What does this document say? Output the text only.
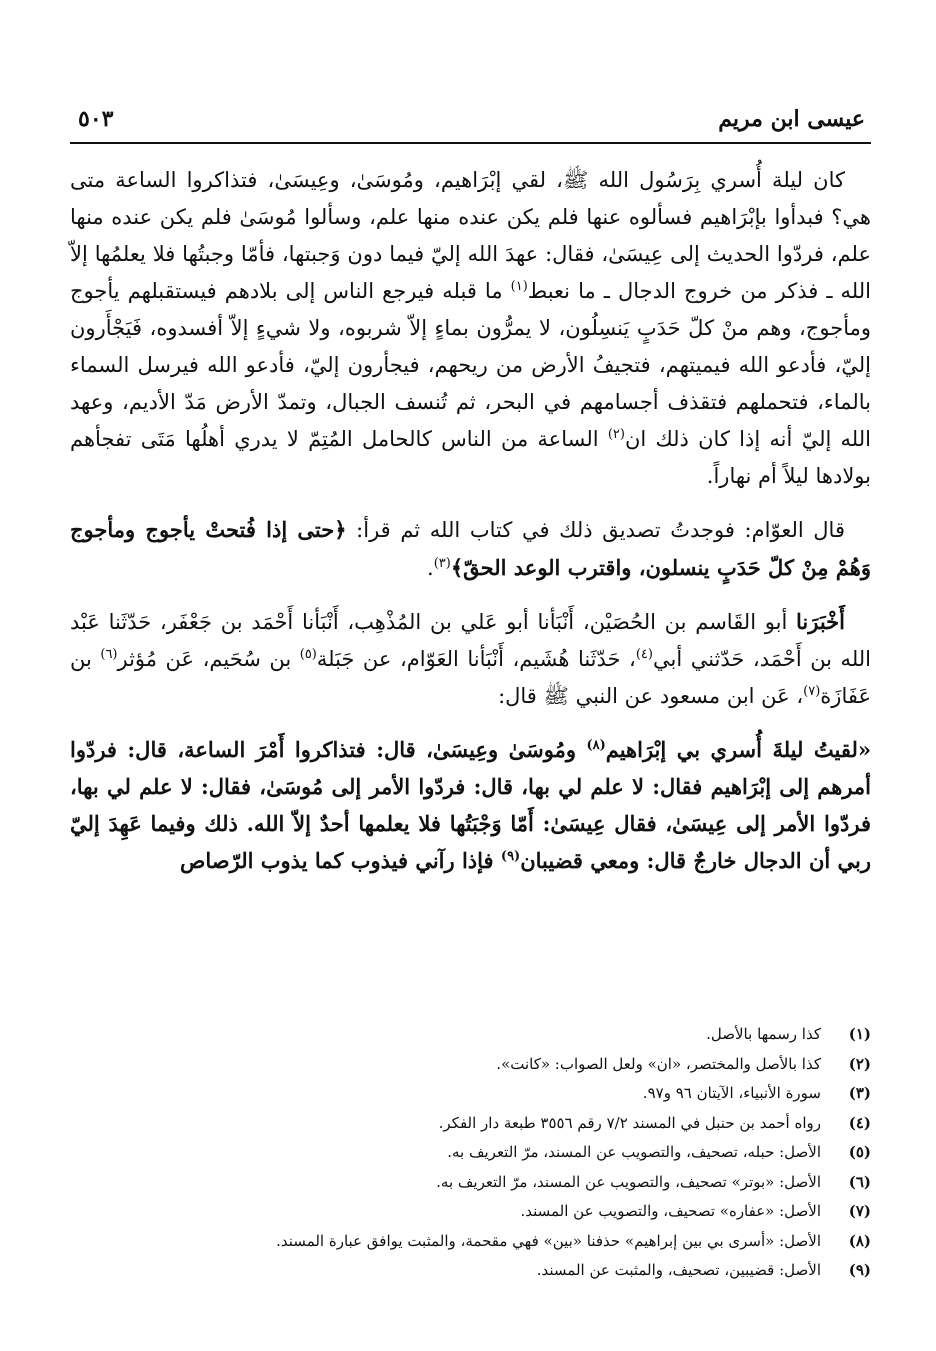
عيسى ابن مريم
٥٠٣

كان ليلة أُسري بِرَسُول الله ﷺ، لقي إبْرَاهيم، ومُوسَىٰ، وعِيسَىٰ، فتذاكروا الساعة متى هي؟ فبدأوا بإبْرَاهيم فسألوه عنها فلم يكن عنده منها علم، وسألوا مُوسَىٰ فلم يكن عنده منها علم، فردّوا الحديث إلى عِيسَىٰ، فقال: عهدَ الله إليّ فيما دون وَجبتها، فأمّا وجبتُها فلا يعلمُها إلاّ الله ـ فذكر من خروج الدجال ـ ما نعبط$^{(١)}$ ما قبله فيرجع الناس إلى بلادهم فيستقبلهم يأجوج ومأجوج، وهم منْ كلّ حَدَبٍ يَنسِلُون، لا يمرُّون بماءٍ إلاّ شربوه، ولا شيءٍ إلاّ أفسدوه، فَيَجْأَرون إليّ، فأدعو الله فيميتهم، فتجيفُ الأرض من ريحهم، فيجأرون إليّ، فأدعو الله فيرسل السماء بالماء، فتحملهم فتقذف أجسامهم في البحر، ثم تُنسف الجبال، وتمدّ الأرض مَدّ الأديم، وعهد الله إليّ أنه إذا كان ذلك ان$^{(٢)}$ الساعة من الناس كالحامل المُتِمّ لا يدري أهلُها مَتَى تفجأهم بولادها ليلاً أم نهاراً.

قال العوّام: فوجدتُ تصديق ذلك في كتاب الله ثم قرأ: ﴿حتى إذا فُتحتْ يأجوج ومأجوج وَهُمْ مِنْ كلّ حَدَبٍ ينسلون، واقترب الوعد الحقّ﴾$^{(٣)}$.

أَخْبَرَنا أبو القَاسم بن الحُصَيْن، أَنْبَأنا أبو عَلي بن المُذْهِب، أَنْبَأنا أَحْمَد بن جَعْفَر، حَدّثَنا عَبْد الله بن أَحْمَد، حَدّثني أبي$^{(٤)}$، حَدّثَنا هُشَيم، أَنْبَأنا العَوّام، عن جَبَلة$^{(٥)}$ بن سُحَيم، عَن مُؤثر$^{(٦)}$ بن عَفَازَة$^{(٧)}$، عَن ابن مسعود عن النبي ﷺ قال:

«لقيتُ ليلةَ أُسري بي إبْرَاهيم$^{(٨)}$ ومُوسَىٰ وعِيسَىٰ، قال: فتذاكروا أَمْرَ الساعة، قال: فردّوا أمرهم إلى إبْرَاهيم فقال: لا علم لي بها، قال: فردّوا الأمر إلى مُوسَىٰ، فقال: لا علم لي بها، فردّوا الأمر إلى عِيسَىٰ، فقال عِيسَىٰ: أَمّا وَجْبَتُها فلا يعلمها أحدٌ إلاّ الله. ذلك وفيما عَهِدَ إليّ ربي أن الدجال خارجٌ قال: ومعي قضيبان$^{(٩)}$ فإذا رآني فيذوب كما يذوب الرّصاص

(١)
كذا رسمها بالأصل.
(٢)
كذا بالأصل والمختصر، «ان» ولعل الصواب: «كانت».
(٣)
سورة الأنبياء، الآيتان ٩٦ و٩٧.
(٤)
رواه أحمد بن حنبل في المسند ٧/٢ رقم ٣٥٥٦ طبعة دار الفكر.
(٥)
الأصل: حبله، تصحيف، والتصويب عن المسند، مرّ التعريف به.
(٦)
الأصل: «بوتر» تصحيف، والتصويب عن المسند، مرّ التعريف به.
(٧)
الأصل: «عفاره» تصحيف، والتصويب عن المسند.
(٨)
الأصل: «أسرى بي بين إبراهيم» حذفنا «بين» فهي مقحمة، والمثبت يوافق عبارة المسند.
(٩)
الأصل: قضيبين، تصحيف، والمثبت عن المسند.
